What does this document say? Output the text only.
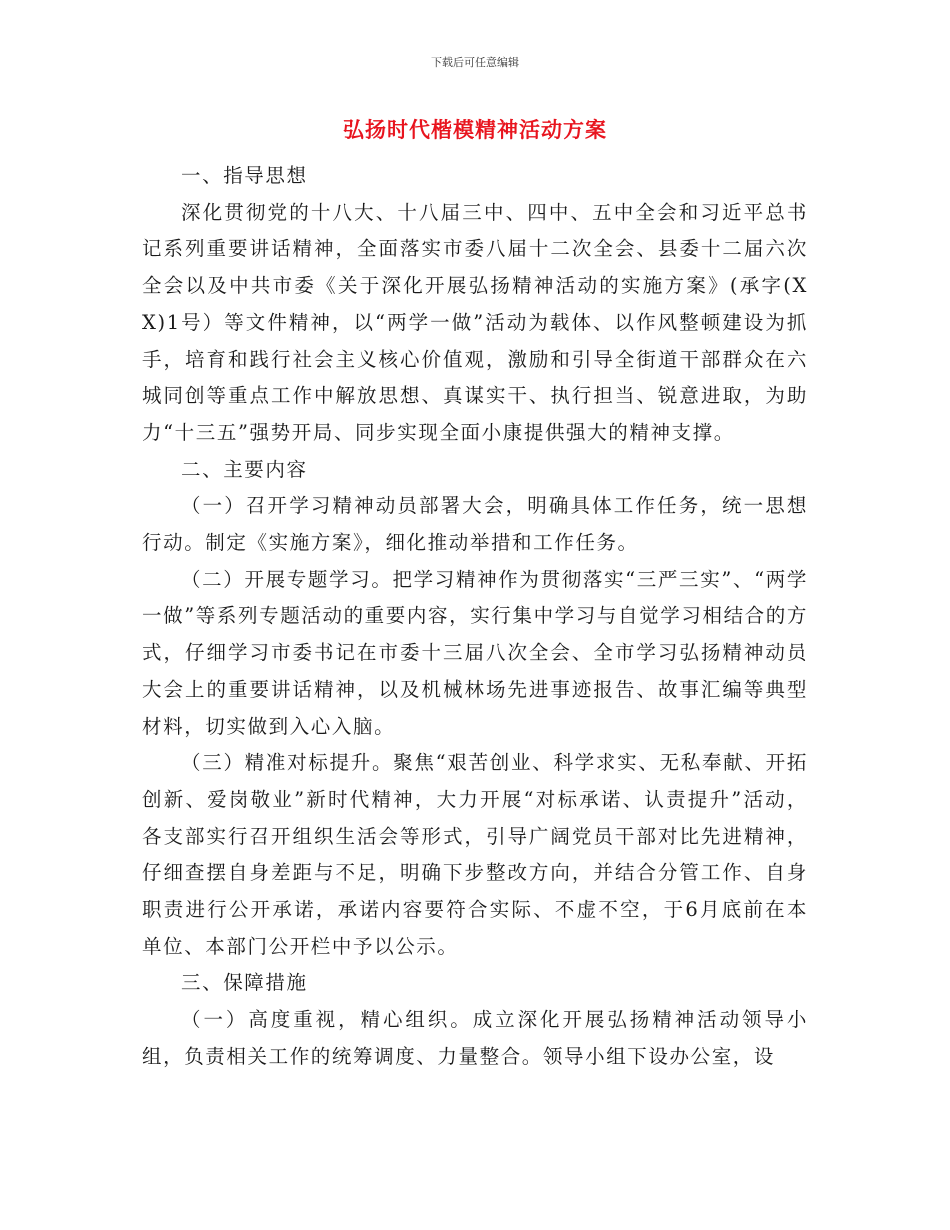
下载后可任意编辑
弘扬时代楷模精神活动方案

一、指导思想

深化贯彻党的十八大、十八届三中、四中、五中全会和习近平总书记系列重要讲话精神，全面落实市委八届十二次全会、县委十二届六次全会以及中共市委《关于深化开展弘扬精神活动的实施方案》(承字(XX)1号）等文件精神，以“两学一做”活动为载体、以作风整顿建设为抓手，培育和践行社会主义核心价值观，激励和引导全街道干部群众在六城同创等重点工作中解放思想、真谋实干、执行担当、锐意进取，为助力“十三五”强势开局、同步实现全面小康提供强大的精神支撑。

二、主要内容

（一）召开学习精神动员部署大会，明确具体工作任务，统一思想行动。制定《实施方案》，细化推动举措和工作任务。

（二）开展专题学习。把学习精神作为贯彻落实“三严三实”、“两学一做”等系列专题活动的重要内容，实行集中学习与自觉学习相结合的方式，仔细学习市委书记在市委十三届八次全会、全市学习弘扬精神动员大会上的重要讲话精神，以及机械林场先进事迹报告、故事汇编等典型材料，切实做到入心入脑。

（三）精准对标提升。聚焦“艰苦创业、科学求实、无私奉献、开拓创新、爱岗敬业”新时代精神，大力开展“对标承诺、认责提升”活动，各支部实行召开组织生活会等形式，引导广阔党员干部对比先进精神，仔细查摆自身差距与不足，明确下步整改方向，并结合分管工作、自身职责进行公开承诺，承诺内容要符合实际、不虚不空，于6月底前在本单位、本部门公开栏中予以公示。

三、保障措施

（一）高度重视，精心组织。成立深化开展弘扬精神活动领导小组，负责相关工作的统筹调度、力量整合。领导小组下设办公室，设
